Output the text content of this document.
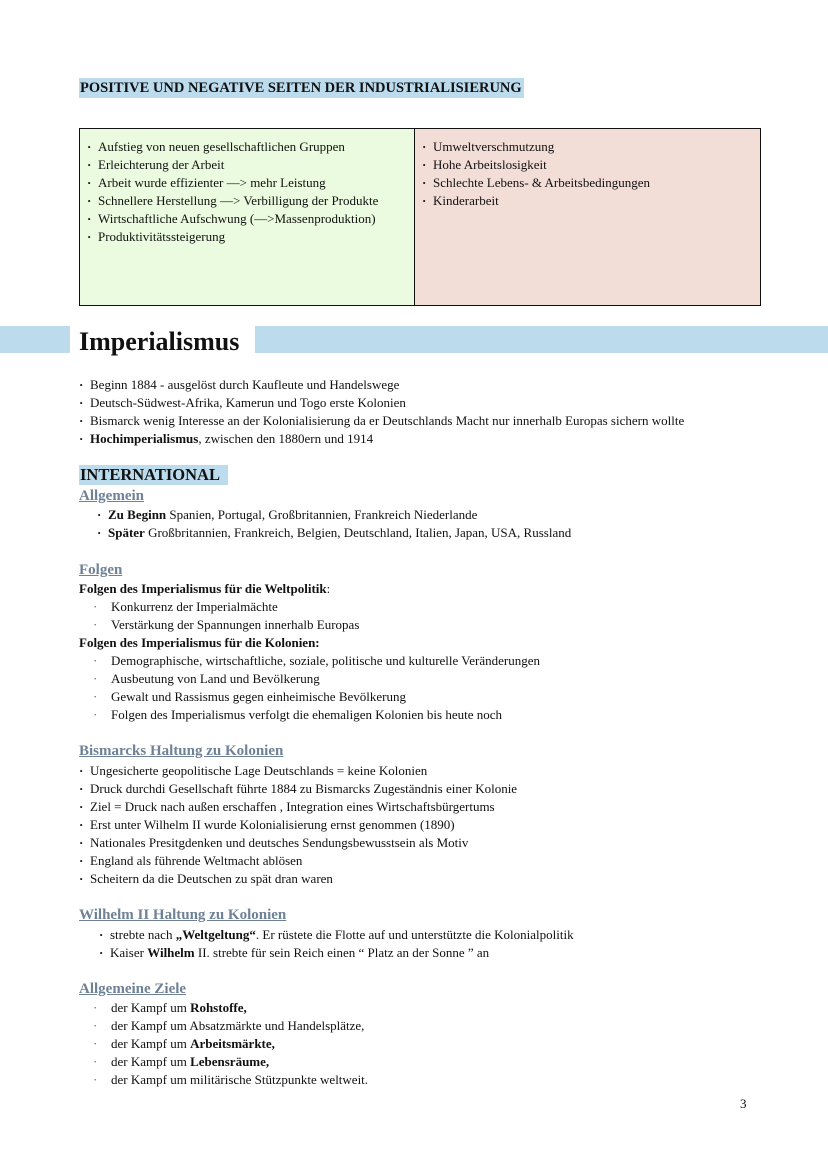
POSITIVE UND NEGATIVE SEITEN DER INDUSTRIALISIERUNG
· Aufstieg von neuen gesellschaftlichen Gruppen
· Erleichterung der Arbeit
· Arbeit wurde effizienter —> mehr Leistung
· Schnellere Herstellung —> Verbilligung der Produkte
· Wirtschaftliche Aufschwung (—>Massenproduktion)
· Produktivitätssteigerung
· Umweltverschmutzung
· Hohe Arbeitslosigkeit
· Schlechte Lebens- & Arbeitsbedingungen
· Kinderarbeit
Imperialismus
· Beginn 1884 - ausgelöst durch Kaufleute und Handelswege
· Deutsch-Südwest-Afrika, Kamerun und Togo erste Kolonien
· Bismarck wenig Interesse an der Kolonialisierung da er Deutschlands Macht nur innerhalb Europas sichern wollte
· Hochimperialismus, zwischen den 1880ern und 1914
INTERNATIONAL
Allgemein
· Zu Beginn Spanien, Portugal, Großbritannien, Frankreich Niederlande
· Später Großbritannien, Frankreich, Belgien, Deutschland, Italien, Japan, USA, Russland
Folgen
Folgen des Imperialismus für die Weltpolitik:
· Konkurrenz der Imperialmächte
· Verstärkung der Spannungen innerhalb Europas
Folgen des Imperialismus für die Kolonien:
· Demographische, wirtschaftliche, soziale, politische und kulturelle Veränderungen
· Ausbeutung von Land und Bevölkerung
· Gewalt und Rassismus gegen einheimische Bevölkerung
· Folgen des Imperialismus verfolgt die ehemaligen Kolonien bis heute noch
Bismarcks Haltung zu Kolonien
· Ungesicherte geopolitische Lage Deutschlands = keine Kolonien
· Druck durchdi Gesellschaft führte 1884 zu Bismarcks Zugeständnis einer Kolonie
· Ziel = Druck nach außen erschaffen , Integration eines Wirtschaftsbürgertums
· Erst unter Wilhelm II wurde Kolonialisierung ernst genommen (1890)
· Nationales Presitgdenken und deutsches Sendungsbewusstsein als Motiv
· England als führende Weltmacht ablösen
· Scheitern da die Deutschen zu spät dran waren
Wilhelm II Haltung zu Kolonien
· strebte nach „Weltgeltung“. Er rüstete die Flotte auf und unterstützte die Kolonialpolitik
· Kaiser Wilhelm II. strebte für sein Reich einen “ Platz an der Sonne ” an
Allgemeine Ziele
· der Kampf um Rohstoffe,
· der Kampf um Absatzmärkte und Handelsplätze,
· der Kampf um Arbeitsmärkte,
· der Kampf um Lebensräume,
· der Kampf um militärische Stützpunkte weltweit.
3
